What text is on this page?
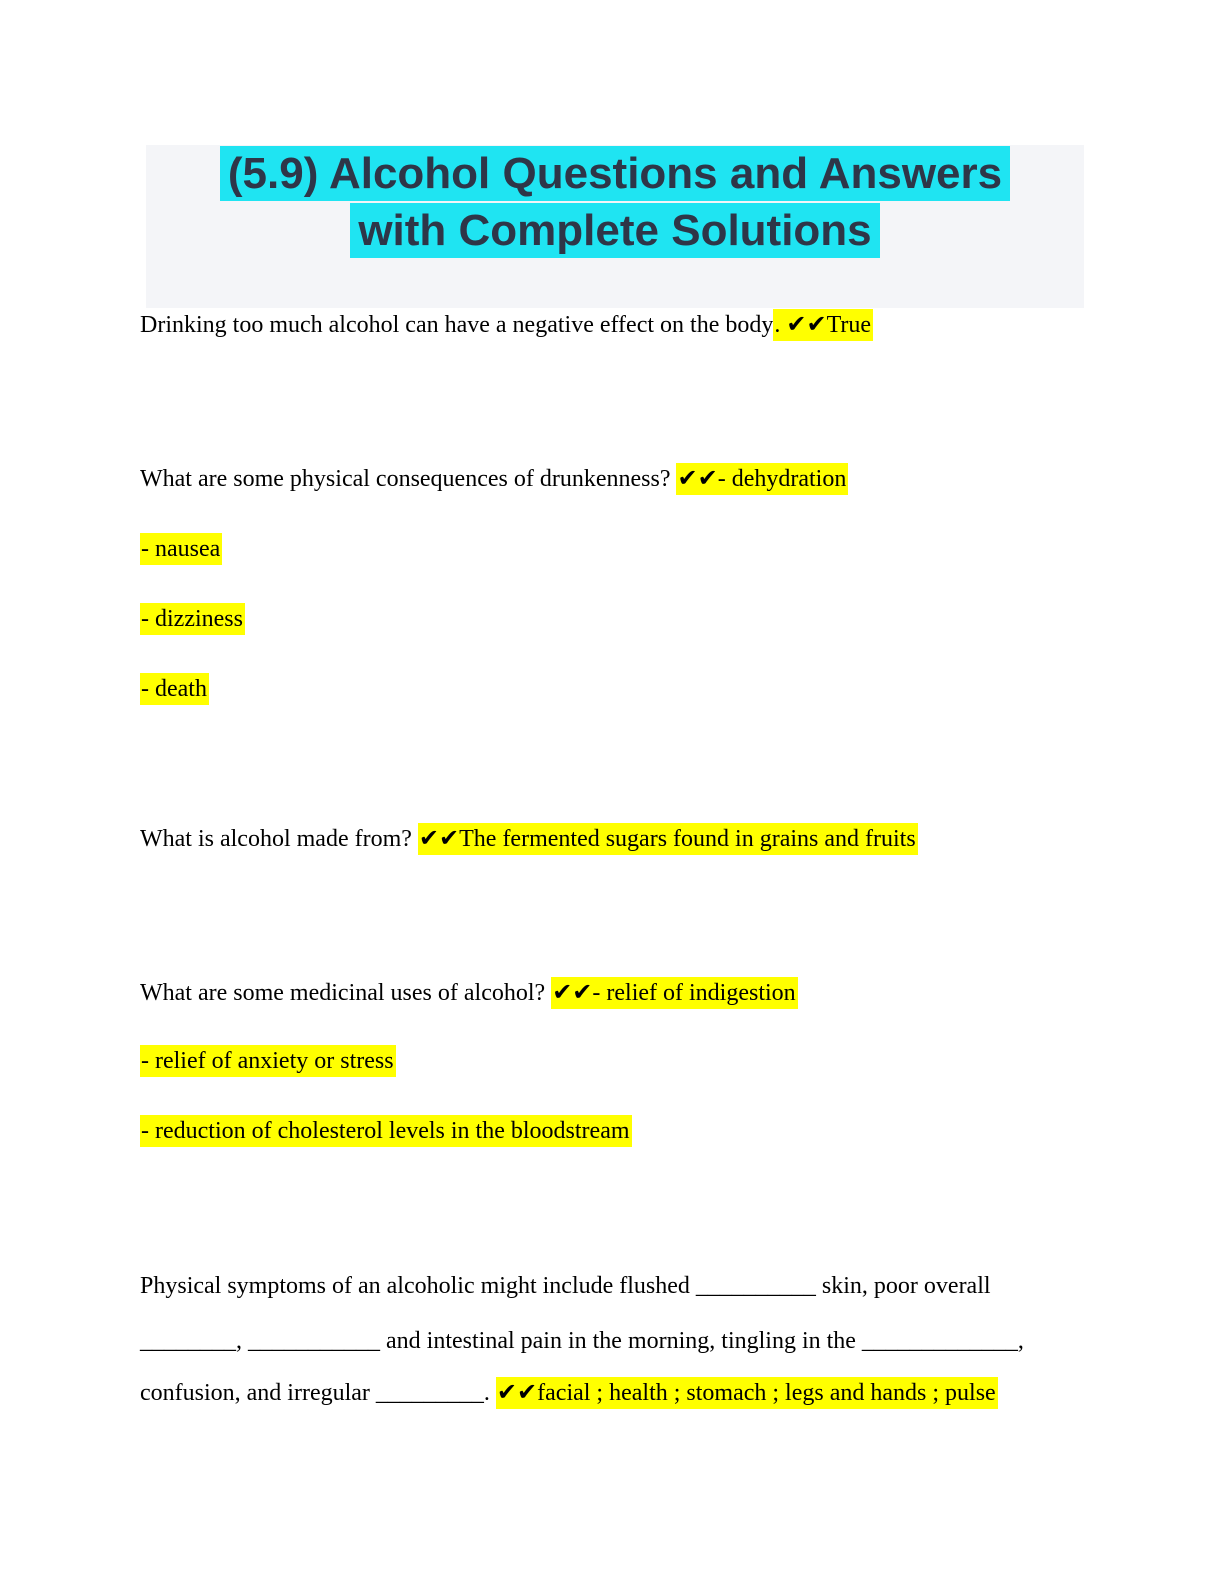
(5.9) Alcohol Questions and Answers
with Complete Solutions
Drinking too much alcohol can have a negative effect on the body. ✔✔True
What are some physical consequences of drunkenness? ✔✔- dehydration
- nausea
- dizziness
- death
What is alcohol made from? ✔✔The fermented sugars found in grains and fruits
What are some medicinal uses of alcohol? ✔✔- relief of indigestion
- relief of anxiety or stress
- reduction of cholesterol levels in the bloodstream
Physical symptoms of an alcoholic might include flushed __________ skin, poor overall
________, ___________ and intestinal pain in the morning, tingling in the _____________,
confusion, and irregular _________. ✔✔facial ; health ; stomach ; legs and hands ; pulse
